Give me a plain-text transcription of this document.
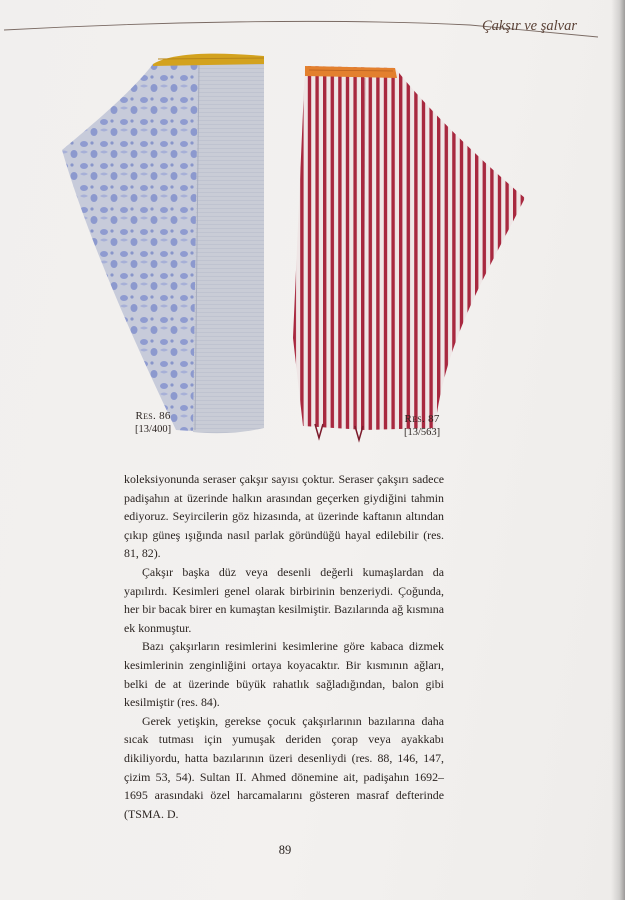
Çakşır ve şalvar
Res. 86
[13/400]
Res. 87
[13/563]

koleksiyonunda seraser çakşır sayısı çoktur. Seraser çakşırı sadece padişahın at üzerinde halkın arasından geçerken giydiğini tahmin ediyoruz. Seyircilerin göz hizasında, at üzerinde kaftanın altından çıkıp güneş ışığında nasıl parlak göründüğü hayal edilebilir (res. 81, 82).

Çakşır başka düz veya desenli değerli kumaşlardan da yapılırdı. Kesimleri genel olarak birbirinin benzeriydi. Çoğunda, her bir bacak birer en kumaştan kesilmiştir. Bazılarında ağ kısmına ek konmuştur.

Bazı çakşırların resimlerini kesimlerine göre kabaca dizmek kesimlerinin zenginliğini ortaya koyacaktır. Bir kısmının ağları, belki de at üzerinde büyük rahatlık sağladığından, balon gibi kesilmiştir (res. 84).

Gerek yetişkin, gerekse çocuk çakşırlarının bazılarına daha sıcak tutması için yumuşak deriden çorap veya ayakkabı dikiliyordu, hatta bazılarının üzeri desenliydi (res. 88, 146, 147, çizim 53, 54). Sultan II. Ahmed dönemine ait, padişahın 1692–1695 arasındaki özel harcamalarını gösteren masraf defterinde (TSMA. D.

89
